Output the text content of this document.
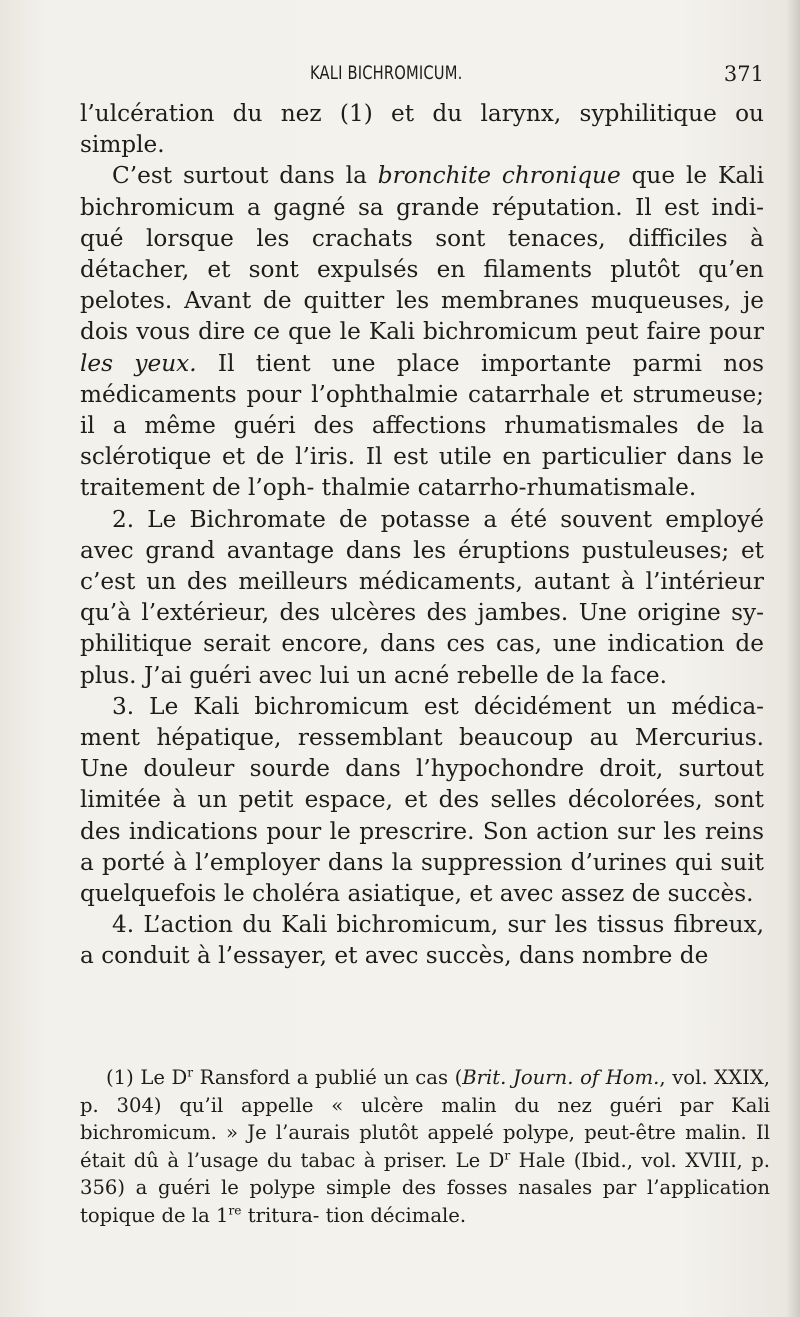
KALI BICHROMICUM.	371

l’ulcération du nez (1) et du larynx, syphilitique ou simple.

C’est surtout dans la bronchite chronique que le Kali bichromicum a gagné sa grande réputation. Il est indi‑ qué lorsque les crachats sont tenaces, difficiles à détacher, et sont expulsés en filaments plutôt qu’en pelotes. Avant de quitter les membranes muqueuses, je dois vous dire ce que le Kali bichromicum peut faire pour les yeux. Il tient une place importante parmi nos médicaments pour l’ophthalmie catarrhale et strumeuse; il a même guéri des affections rhumatismales de la sclérotique et de l’iris. Il est utile en particulier dans le traitement de l’oph‑ thalmie catarrho-rhumatismale.

2. Le Bichromate de potasse a été souvent employé avec grand avantage dans les éruptions pustuleuses; et c’est un des meilleurs médicaments, autant à l’intérieur qu’à l’extérieur, des ulcères des jambes. Une origine sy‑ philitique serait encore, dans ces cas, une indication de plus. J’ai guéri avec lui un acné rebelle de la face.

3. Le Kali bichromicum est décidément un médica‑ ment hépatique, ressemblant beaucoup au Mercurius. Une douleur sourde dans l’hypochondre droit, surtout limitée à un petit espace, et des selles décolorées, sont des indications pour le prescrire. Son action sur les reins a porté à l’employer dans la suppression d’urines qui suit quelquefois le choléra asiatique, et avec assez de succès.

4. L’action du Kali bichromicum, sur les tissus fibreux, a conduit à l’essayer, et avec succès, dans nombre de

(1) Le $D^r$ Ransford a publié un cas (Brit. Journ. of Hom., vol. XXIX, p. 304) qu’il appelle « ulcère malin du nez guéri par Kali bichromicum. » Je l’aurais plutôt appelé polype, peut-être malin. Il était dû à l’usage du tabac à priser. Le $D^r$ Hale (Ibid., vol. XVIII, p. 356) a guéri le polype simple des fosses nasales par l’application topique de la 1re tritura‑ tion décimale.
